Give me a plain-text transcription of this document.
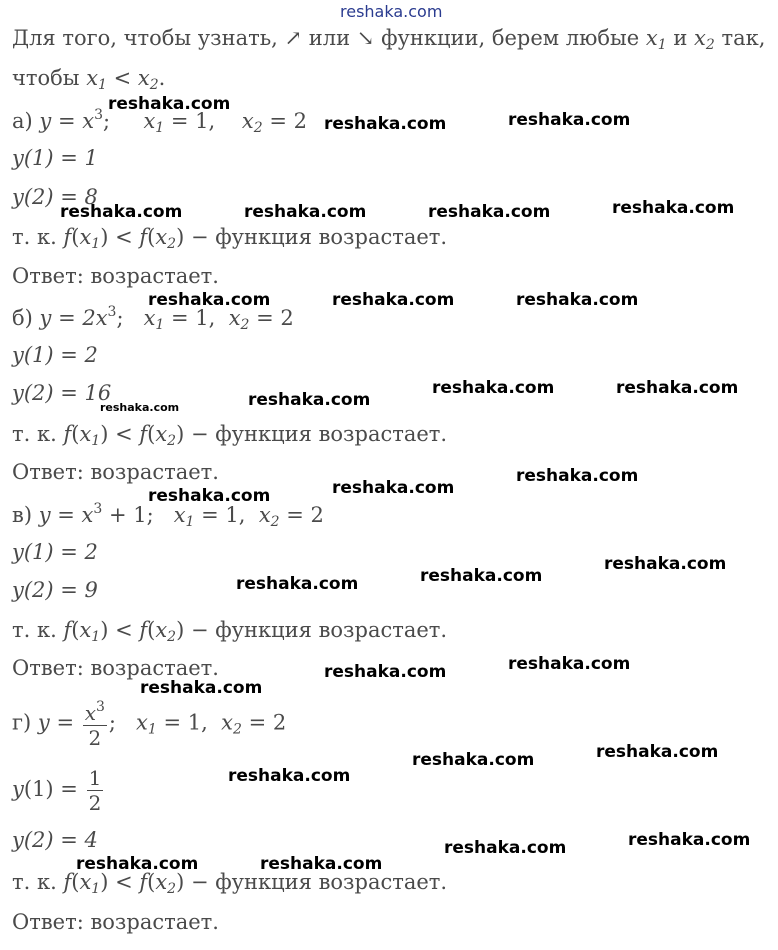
reshaka.com
Для того, чтобы узнать, ↗ или ↘ функции, берем любые $x_1$ и $x_2$ так,
чтобы $x_1 < x_2$.
а) $y = x^3$;     $x_1 = 1$,    $x_2 = 2$
y(1) = 1
y(2) = 8
т. к. $f(x_1) < f(x_2)$ − функция возрастает.
Ответ: возрастает.
б) $y = 2x^3$;   $x_1 = 1$,  $x_2 = 2$
y(1) = 2
y(2) = 16
т. к. $f(x_1) < f(x_2)$ − функция возрастает.
Ответ: возрастает.
в) $y = x^3 + 1$; $x_1 = 1$,  $x_2 = 2$
y(1) = 2
y(2) = 9
т. к. $f(x_1) < f(x_2)$ − функция возрастает.
Ответ: возрастает.
г) $y = \frac{x^3}{2}$ ;   $x_1 = 1$,  $x_2 = 2$
$y(1) = \frac{1}{2}$
y(2) = 4
т. к. $f(x_1) < f(x_2)$ − функция возрастает.
Ответ: возрастает.
reshaka.com
reshaka.com	reshaka.com
reshaka.com	reshaka.com	reshaka.com	reshaka.com
reshaka.com	reshaka.com	reshaka.com
reshaka.com	reshaka.com
reshaka.com
reshaka.com
reshaka.com
reshaka.com
reshaka.com
reshaka.com
reshaka.com
reshaka.com
reshaka.com
reshaka.com
reshaka.com
reshaka.com
reshaka.com
reshaka.com
reshaka.com
reshaka.com
reshaka.com	reshaka.com
